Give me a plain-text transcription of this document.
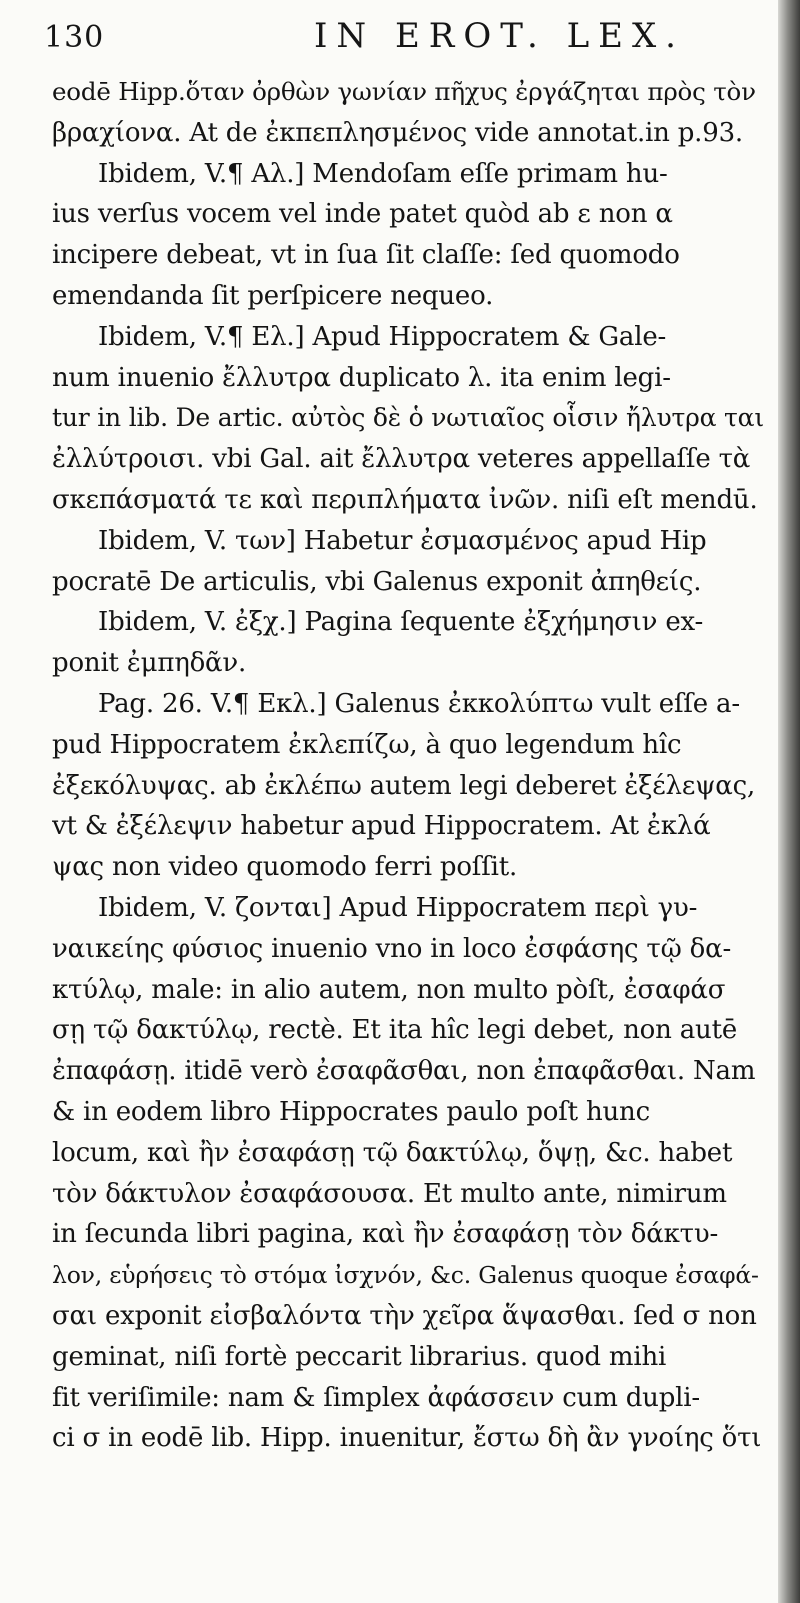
130	IN EROT. LEX.
eodē Hipp.ὅταν ὀρθὼν γωνίαν πῆχυς ἐργάζηται πρὸς τὸν
βραχίονα. At de ἐκπεπλησμένος vide annotat.in p.93.
Ibidem, V.¶ Αλ.] Mendoſam eſſe primam hu-
ius verſus vocem vel inde patet quòd ab ε non α
incipere debeat, vt in ſua ſit claſſe: ſed quomodo
emendanda ſit perſpicere nequeo.
Ibidem, V.¶ Ελ.] Apud Hippocratem & Gale-
num inuenio ἔλλυτρα duplicato λ. ita enim legi-
tur in lib. De artic. αὐτὸς δὲ ὁ νωτιαῖος οἷσιν ἤλυτρα ται
ἐλλύτροισι. vbi Gal. ait ἔλλυτρα veteres appellaſſe τὰ
σκεπάσματά τε καὶ περιπλήματα ἰνῶν. niſi eſt mendū.
Ibidem, V. των] Habetur ἐσμασμένος apud Hip
pocratē De articulis, vbi Galenus exponit ἀπηθείς.
Ibidem, V. ἐξχ.] Pagina ſequente ἐξχήμησιν ex-
ponit ἐμπηδᾶν.
Pag. 26. V.¶ Εκλ.] Galenus ἐκκολύπτω vult eſſe a-
pud Hippocratem ἐκλεπίζω, à quo legendum hîc
ἐξεκόλυψας. ab ἐκλέπω autem legi deberet ἐξέλεψας,
vt & ἐξέλεψιν habetur apud Hippocratem. At ἐκλά
ψας non video quomodo ferri poſſit.
Ibidem, V. ζονται] Apud Hippocratem περὶ γυ-
ναικείης φύσιος inuenio vno in loco ἐσφάσης τῷ δα-
κτύλῳ, male: in alio autem, non multo pòſt, ἐσαφάσ
σῃ τῷ δακτύλῳ, rectè. Et ita hîc legi debet, non autē
ἐπαφάσῃ. itidē verò ἐσαφᾶσθαι, non ἐπαφᾶσθαι. Nam
& in eodem libro Hippocrates paulo poſt hunc
locum, καὶ ἢν ἐσαφάσῃ τῷ δακτύλῳ, ὅψῃ, &c. habet
τὸν δάκτυλον ἐσαφάσουσα. Et multo ante, nimirum
in ſecunda libri pagina, καὶ ἢν ἐσαφάσῃ τὸν δάκτυ-
λον, εὑρήσεις τὸ στόμα ἰσχνόν, &c. Galenus quoque ἐσαφά-
σαι exponit εἰσβαλόντα τὴν χεῖρα ἅψασθαι. ſed σ non
geminat, niſi fortè peccarit librarius. quod mihi
fit veriſimile: nam & ſimplex ἀφάσσειν cum dupli-
ci σ in eodē lib. Hipp. inuenitur, ἔστω δὴ ἂν γνοίης ὅτι
